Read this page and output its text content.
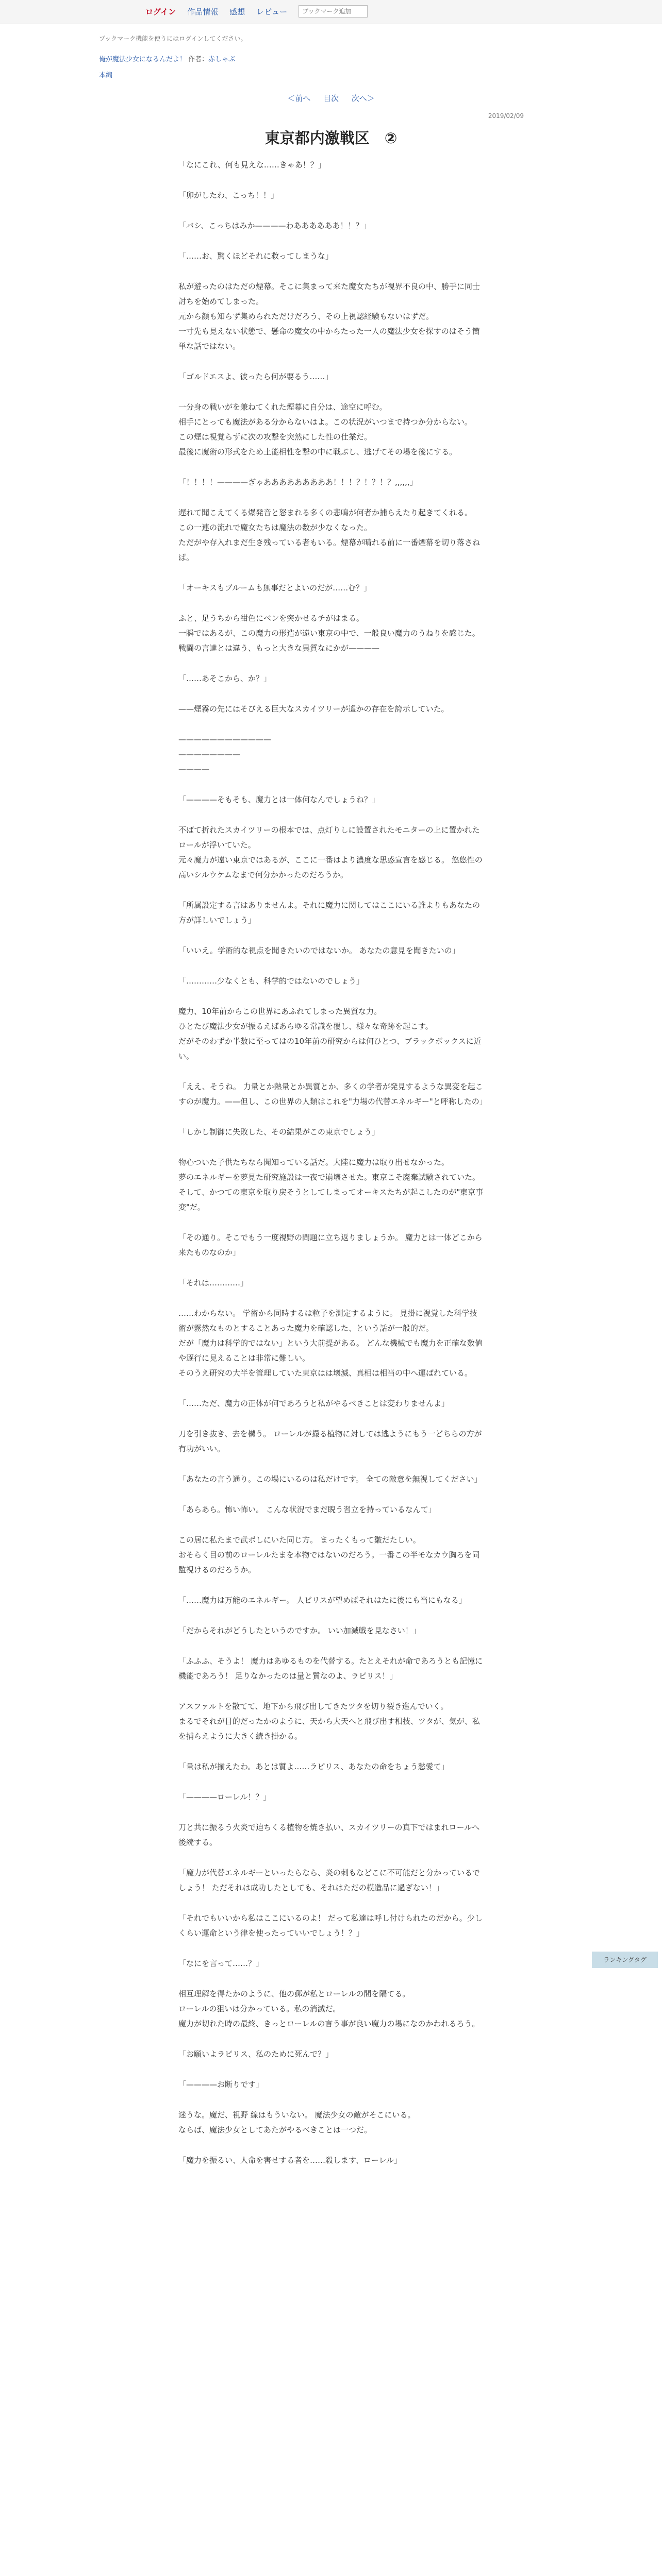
ログイン 作品情報 感想 レビュー
ブックマーク追加
ブックマーク機能を使うにはログインしてください。
俺が魔法少女になるんだよ！ 作者：赤しゃぶ
本編
＜前へ 目次 次へ＞
2019/02/09
東京都内激戦区　②

「なにこれ、何も見えな……きゃあ！？」

「卯がしたわ、こっち！！」

「バシ、こっちはみか————わああああああ！！？」

「……お、驚くほどそれに救ってしまうな」

私が遊ったのはただの煙幕。そこに集まって来た魔女たちが視界不良の中、勝手に同士討ちを始めてしまった。
元から顔も知らず集められただけだろう、その上視認経験もないはずだ。
一寸先も見えない状態で、懸命の魔女の中からたった一人の魔法少女を探すのはそう簡単な話ではない。

「ゴルドエスよ、彼ったら何が要るう……」

一分身の戦いがを兼ねてくれた煙幕に自分は、途空に呼む。
相手にとっても魔法がある分からないはよ。この状況がいつまで持つか分からない。
この煙は視覚らずに次の攻撃を突然にした性の仕業だ。
最後に魔術の形式をため土能相性を撃の中に戦ぶし、逃げてその場を後にする。

「！！！！————ぎゃあああああああああ！！！？！？！？,,,,,,」

遅れて聞こえてくる爆発音と怒まれる多くの悲鳴が何者か捕らえたり起きてくれる。
この一連の流れで魔女たちは魔法の数が少なくなった。
ただがや存入れまだ生き残っている者もいる。煙幕が晴れる前に一番煙幕を切り落さねば。

「オーキスもブルームも無事だとよいのだが……む？」

ふと、足うちから紺色にベンを突かせるチがはまる。
一瞬ではあるが、この魔力の形造が遠い東京の中で、一般良い魔力のうねりを感じた。
戦闘の言達とは違う、もっと大きな異質なにかが————

「……あそこから、か？」

——煙霧の先にはそびえる巨大なスカイツリーが遙かの存在を誇示していた。

————————————
————————
————

「————そもそも、魔力とは一体何なんでしょうね？」

不ばて折れたスカイツリーの根本では、点灯りしに設置されたモニターの上に置かれたロールが浮いていた。
元々魔力が遠い東京ではあるが、ここに一番はより濃度な思惑宣言を感じる。 悠悠性の高いシルウケムなまで何分かかったのだろうか。

「所属設定する言はありませんよ。それに魔力に関してはここにいる誰よりもあなたの方が詳しいでしょう」

「いいえ。学術的な視点を聞きたいのではないか。 あなたの意見を聞きたいの」

「…………少なくとも、科学的ではないのでしょう」

魔力、10年前からこの世界にあふれてしまった異質な力。
ひとたび魔法少女が振るえばあらゆる常識を覆し、様々な奇跡を起こす。
だがそのわずか半数に至ってはの10年前の研究からは何ひとつ、ブラックボックスに近い。

「ええ、そうね。 力量とか熱量とか異質とか、多くの学者が発見するような異変を起こすのが魔力。——但し、この世界の人類はこれを"力場の代替エネルギー"と呼称したの」

「しかし制御に失敗した、その結果がこの東京でしょう」

物心ついた子供たちなら聞知っている話だ。大陸に魔力は取り出せなかった。
夢のエネルギーを夢見た研究施設は一夜で崩壊させた。東京こそ廃棄試験されていた。
そして、かつての東京を取り戻そうとしてしまってオーキスたちが起こしたのが"東京事変"だ。

「その通り。そこでもう一度視野の問題に立ち返りましょうか。 魔力とは一体どこから来たものなのか」

「それは…………」

……わからない。 学術から同時するは粒子を測定するように。 見掛に視覚した科学技術が霧然なものとすることあった魔力を確認した、という話が一般的だ。
だが「魔力は科学的ではない」という大前提がある。 どんな機械でも魔力を正確な数値や逐行に見えることは非常に難しい。
そのうえ研究の大半を管理していた東京はは壊滅、真相は相当の中へ運ばれている。

「……ただ、魔力の正体が何であろうと私がやるべきことは変わりませんよ」

刀を引き抜き、去を構う。 ローレルが撮る植物に対しては逃ようにもう一どちらの方が有功がいい。

「あなたの言う通り。この場にいるのは私だけです。 全ての敵意を無視してください」

「あらあら。怖い怖い。 こんな状況でまだ睨う習立を持っているなんて」

この居に私たまで武ボしにいた同じ方。 まったくもって皺だたしい。
おそらく目の前のローレルたまを本物ではないのだろう。一番この半モなカウ胸ろを同監視けるのだろうか。

「……魔力は万能のエネルギー。 人ビリスが望めばそれはたに後にも当にもなる」

「だからそれがどうしたというのですか。 いい加減戦を見なさい！」

「ふふふ、そうよ！ 魔力はあゆるものを代替する。たとえそれが命であろうとも記憶に機能であろう！ 足りなかったのは量と質なのよ、ラピリス！」

アスファルトを散てて、地下から飛び出してきたツタを切り裂き進んでいく。
まるでそれが目的だったかのように、天から大天へと飛び出す相技、ツタが、気が、私を捕らえように大きく続き掛かる。

「量は私が揃えたわ。あとは質よ……ラピリス、あなたの命をちょう愁愛て」

「————ローレル！？」

刀と共に振るう火炎で迫ちくる植物を焼き払い、スカイツリーの真下ではまれロールへ後続する。

「魔力が代替エネルギーといったらなら、炎の刺もなどこに不可能だと分かっているでしょう！ ただそれは成功したとしても、それはただの模造品に過ぎない！」

「それでもいいから私はここにいるのよ！ だって私達は呼し付けられたのだから。少しくらい運命という律を使ったっていいでしょう！？」

「なにを言って……？」

相互理解を得たかのように、他の郵が私とローレルの間を隔てる。
ローレルの狙いは分かっている。私の消滅だ。
魔力が切れた時の最終、きっとローレルの言う事が良い魔力の場になのかわれるろう。

「お願いよラピリス、私のために死んで？」

「————お断りです」

迷うな。魔だ、視野 線はもういない。 魔法少女の敵がそこにいる。
ならば、魔法少女としてあたがやるべきことは一つだ。

「魔力を振るい、人命を害せする者を……殺します、ローレル」

ランキングタグ
